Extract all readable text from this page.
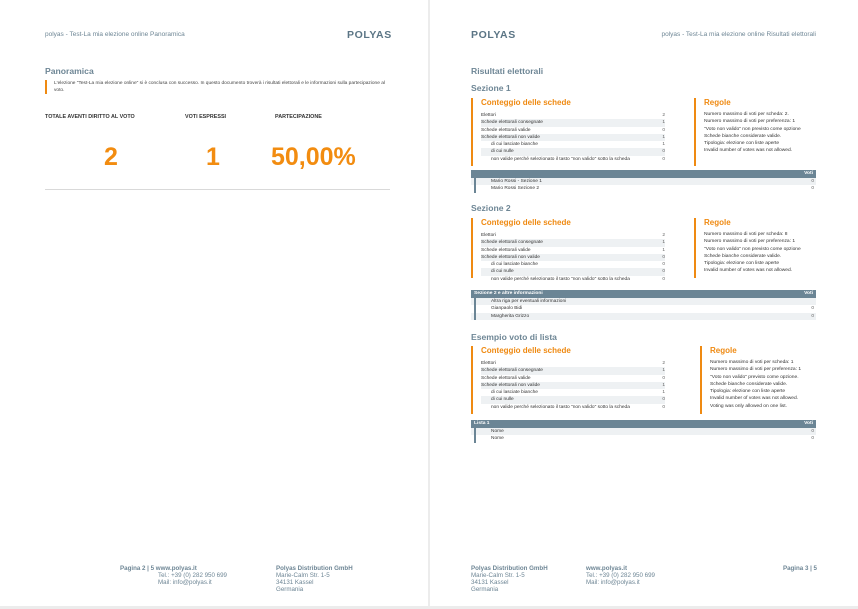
polyas - Test-La mia elezione online Panoramica	POLYAS
Panoramica
L'elezione "Test-La mia elezione online" si è conclusa con successo. In questo documento troverà i risultati elettorali e le informazioni sulla partecipazione al voto.
TOTALE AVENTI DIRITTO AL VOTO	VOTI ESPRESSI	PARTECIPAZIONE
2	1 50,00%
Pagina 2 | 5 www.polyas.it
Tel.: +39 (0) 282 950 699
Mail: info@polyas.it
Polyas Distribution GmbH
Marie-Calm Str. 1-5
34131 Kassel
Germania
POLYAS	polyas - Test-La mia elezione online Risultati elettorali
Risultati elettorali
Sezione 1
Conteggio delle schede
Elettori	2
Schede elettorali consegnate	1
Schede elettorali valide	0
Schede elettorali non valide	1
di cui lasciate bianche	1
di cui nulle	0
non valide perché selezionato il tasto "non valido" sotto la scheda	0
Regole
Numero massimo di voti per scheda: 2.
Numero massimo di voti per preferenza: 1
"Voto non valido" non previsto come opzione
Schede bianche considerate valide.
Tipologia: elezione con liste aperte
Invalid number of votes was not allowed.
Voti
Mario Rossi - Sezione 1	0
Mario Rossi Sezione 2	0
Sezione 2
Conteggio delle schede
Elettori	2
Schede elettorali consegnate	1
Schede elettorali valide	1
Schede elettorali non valide	0
di cui lasciate bianche	0
di cui nulle	0
non valide perché selezionato il tasto "non valido" sotto la scheda	0
Regole
Numero massimo di voti per scheda: 8
Numero massimo di voti per preferenza: 1
"Voto non valido" non previsto come opzione
Schede bianche considerate valide.
Tipologia: elezione con liste aperte
Invalid number of votes was not allowed.
Sezione 2 e altre informazioni	Voti
Altra riga per eventuali informazioni
Gianpaolo Bidi	0
Margherita Grizzo	0
Esempio voto di lista
Conteggio delle schede
Elettori	2
Schede elettorali consegnate	1
Schede elettorali valide	0
Schede elettorali non valide	1
di cui lasciate bianche	1
di cui nulle	0
non valide perché selezionato il tasto "non valido" sotto la scheda	0
Regole
Numero massimo di voti per scheda: 1
Numero massimo di voti per preferenza: 1
"Voto non valido" previsto come opzione.
Schede bianche considerate valide.
Tipologia: elezione con liste aperte
Invalid number of votes was not allowed.
Voting was only allowed on one list.
Lista 1	Voti
Nome	0
Nome	0
Polyas Distribution GmbH
Marie-Calm Str. 1-5
34131 Kassel
Germania
www.polyas.it
Tel.: +39 (0) 282 950 699
Mail: info@polyas.it
Pagina 3 | 5
